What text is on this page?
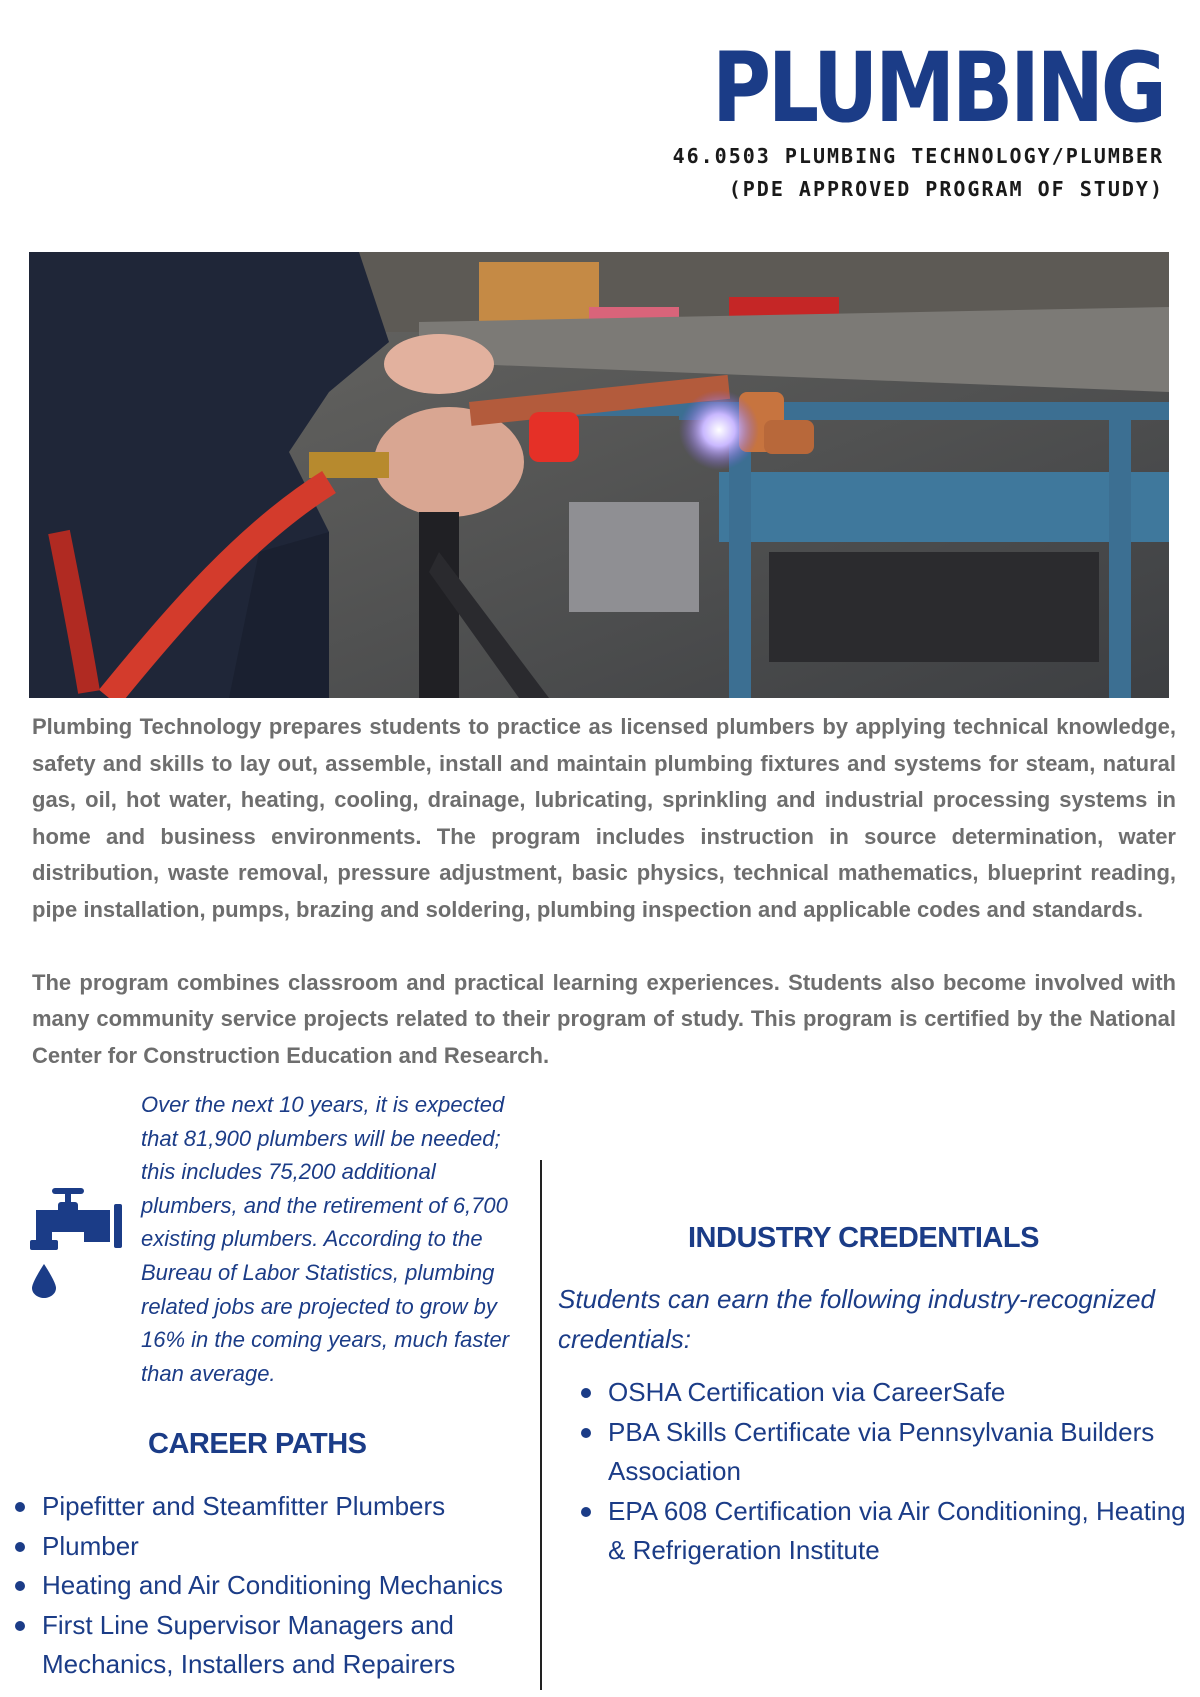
PLUMBING
46.0503 PLUMBING TECHNOLOGY/PLUMBER
(PDE APPROVED PROGRAM OF STUDY)

Plumbing Technology prepares students to practice as licensed plumbers by applying technical knowledge, safety and skills to lay out, assemble, install and maintain plumbing fixtures and systems for steam, natural gas, oil, hot water, heating, cooling, drainage, lubricating, sprinkling and industrial processing systems in home and business environments. The program includes instruction in source determination, water distribution, waste removal, pressure adjustment, basic physics, technical mathematics, blueprint reading, pipe installation, pumps, brazing and soldering, plumbing inspection and applicable codes and standards.

The program combines classroom and practical learning experiences. Students also become involved with many community service projects related to their program of study. This program is certified by the National Center for Construction Education and Research.

Over the next 10 years, it is expected that 81,900 plumbers will be needed; this includes 75,200 additional plumbers, and the retirement of 6,700 existing plumbers. According to the Bureau of Labor Statistics, plumbing related jobs are projected to grow by 16% in the coming years, much faster than average.
CAREER PATHS
Pipefitter and Steamfitter Plumbers
Plumber
Heating and Air Conditioning Mechanics
First Line Supervisor Managers and Mechanics, Installers and Repairers
INDUSTRY CREDENTIALS
Students can earn the following industry-recognized credentials:
OSHA Certification via CareerSafe
PBA Skills Certificate via Pennsylvania Builders Association
EPA 608 Certification via Air Conditioning, Heating & Refrigeration Institute
